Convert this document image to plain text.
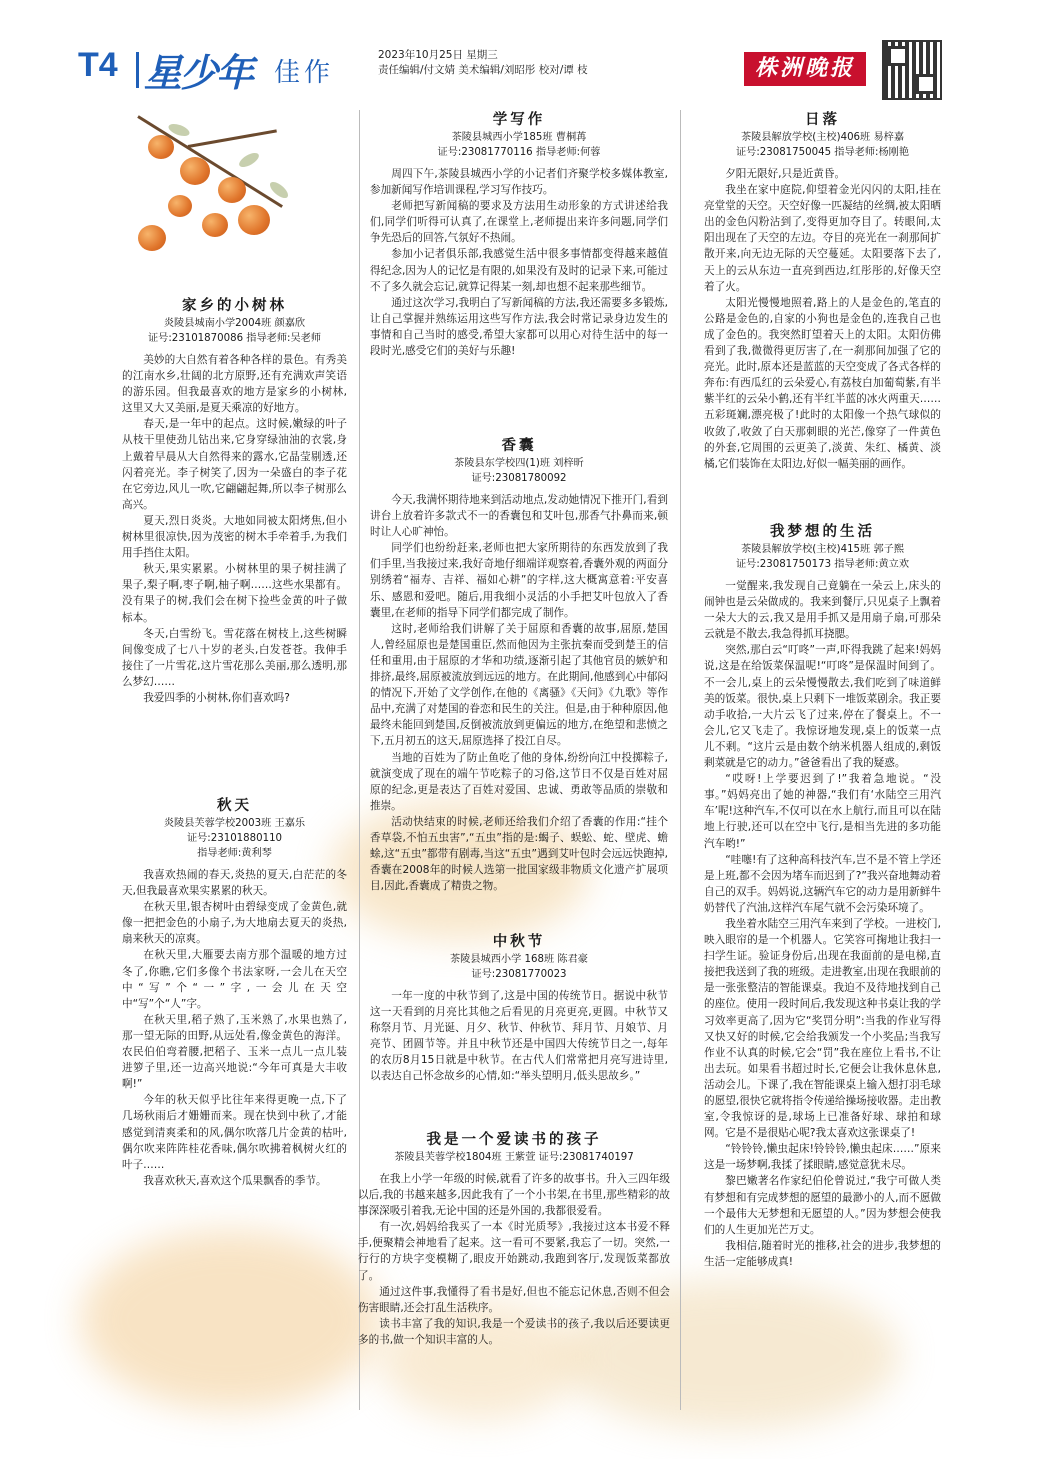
T4 星少年 佳作
2023年10月25日 星期三
责任编辑/付文婧 美术编辑/刘昭彤 校对/谭 枝	株洲晚报
家乡的小树林

炎陵县城南小学2004班 颜嘉欣

证号:23101870086 指导老师:吴老师

美妙的大自然有着各种各样的景色。有秀美的江南水乡,壮阔的北方原野,还有充满欢声笑语的游乐园。但我最喜欢的地方是家乡的小树林,这里又大又美丽,是夏天乘凉的好地方。

春天,是一年中的起点。这时候,嫩绿的叶子从枝干里使劲儿钻出来,它身穿绿油油的衣裳,身上戴着早晨从大自然得来的露水,它晶莹剔透,还闪着亮光。李子树笑了,因为一朵盛白的李子花在它旁边,风儿一吹,它翩翩起舞,所以李子树那么高兴。

夏天,烈日炎炎。大地如同被太阳烤焦,但小树林里很凉快,因为茂密的树木手牵着手,为我们用手挡住太阳。

秋天,果实累累。小树林里的果子树挂满了果子,梨子啊,枣子啊,柚子啊……这些水果都有。没有果子的树,我们会在树下捡些金黄的叶子做标本。

冬天,白雪纷飞。雪花落在树枝上,这些树瞬间像变成了七八十岁的老头,白发苍苍。我伸手接住了一片雪花,这片雪花那么美丽,那么透明,那么梦幻……

我爱四季的小树林,你们喜欢吗?

秋天

炎陵县芙蓉学校2003班 王嘉乐

证号:23101880110

指导老师:黄利琴

我喜欢热闹的春天,炎热的夏天,白茫茫的冬天,但我最喜欢果实累累的秋天。

在秋天里,银杏树叶由碧绿变成了金黄色,就像一把把金色的小扇子,为大地扇去夏天的炎热,扇来秋天的凉爽。

在秋天里,大雁要去南方那个温暖的地方过冬了,你瞧,它们多像个书法家呀,一会儿在天空中“写”个“一”字,一会儿在天空中“写”个“人”字。

在秋天里,稻子熟了,玉米熟了,水果也熟了,那一望无际的田野,从远处看,像金黄色的海洋。农民伯伯弯着腰,把稻子、玉米一点儿一点儿装进箩子里,还一边高兴地说:“今年可真是大丰收啊!”

今年的秋天似乎比往年来得更晚一点,下了几场秋雨后才姗姗而来。现在快到中秋了,才能感觉到清爽柔和的风,偶尔吹落几片金黄的枯叶,偶尔吹来阵阵桂花香味,偶尔吹拂着枫树火红的叶子……

我喜欢秋天,喜欢这个瓜果飘香的季节。

学写作

茶陵县城西小学185班 曹桐苒

证号:23081770116 指导老师:何蓉

周四下午,茶陵县城西小学的小记者们齐聚学校多媒体教室,参加新闻写作培训课程,学习写作技巧。

老师把写新闻稿的要求及方法用生动形象的方式讲述给我们,同学们听得可认真了,在课堂上,老师提出来许多问题,同学们争先恐后的回答,气氛好不热闹。

参加小记者俱乐部,我感觉生活中很多事情都变得越来越值得纪念,因为人的记忆是有限的,如果没有及时的记录下来,可能过不了多久就会忘记,就算记得某一刻,却也想不起来那些细节。

通过这次学习,我明白了写新闻稿的方法,我还需要多多锻炼,让自己掌握并熟练运用这些写作方法,我会时常记录身边发生的事情和自己当时的感受,希望大家都可以用心对待生活中的每一段时光,感受它们的美好与乐趣!

香囊

茶陵县东学校四(1)班 刘梓昕

证号:23081780092

今天,我满怀期待地来到活动地点,发动她情况下推开门,看到讲台上放着许多款式不一的香囊包和艾叶包,那香气扑鼻而来,顿时让人心旷神怡。

同学们也纷纷赶来,老师也把大家所期待的东西发放到了我们手里,当我接过来,我好奇地仔细端详观察着,香囊外观的两面分别绣着“福寿、吉祥、福如心耕”的字样,这大概寓意着:平安喜乐、感恩和爱吧。随后,用我细小灵活的小手把艾叶包放入了香囊里,在老师的指导下同学们都完成了制作。

这时,老师给我们讲解了关于屈原和香囊的故事,屈原,楚国人,曾经屈原也是楚国重臣,然而他因为主张抗秦而受到楚王的信任和重用,由于屈原的才华和功绩,逐渐引起了其他官员的嫉妒和排挤,最终,屈原被流放到远远的地方。在此期间,他感到心中郁闷的情况下,开始了文学创作,在他的《离骚》《天问》《九歌》等作品中,充满了对楚国的眷恋和民生的关注。但是,由于种种原因,他最终未能回到楚国,反倒被流放到更偏远的地方,在绝望和悲愤之下,五月初五的这天,屈原选择了投江自尽。

当地的百姓为了防止鱼吃了他的身体,纷纷向江中投掷粽子,就演变成了现在的端午节吃粽子的习俗,这节日不仅是百姓对屈原的纪念,更是表达了百姓对爱国、忠诚、勇敢等品质的崇敬和推崇。

活动快结束的时候,老师还给我们介绍了香囊的作用:“挂个香草袋,不怕五虫害”,“五虫”指的是:蝎子、蜈蚣、蛇、壁虎、蟾蜍,这“五虫”都带有剧毒,当这“五虫”遇到艾叶包时会远远快跑掉,香囊在2008年的时候人选第一批国家级非物质文化遗产扩展项目,因此,香囊成了精贵之物。

中秋节

茶陵县城西小学 168班 陈君豪

证号:23081770023

一年一度的中秋节到了,这是中国的传统节日。据说中秋节这一天看到的月亮比其他之后看见的月亮更亮,更圆。中秋节又称祭月节、月光诞、月夕、秋节、仲秋节、拜月节、月娘节、月亮节、团圆节等。并且中秋节还是中国四大传统节日之一,每年的农历8月15日就是中秋节。在古代人们常常把月亮写进诗里,以表达自己怀念故乡的心情,如:“举头望明月,低头思故乡。”

我是一个爱读书的孩子

茶陵县芙蓉学校1804班 王紫萱 证号:23081740197

在我上小学一年级的时候,就看了许多的故事书。升入三四年级以后,我的书越来越多,因此我有了一个小书架,在书里,那些精彩的故事深深吸引着我,无论中国的还是外国的,我都很爱看。

有一次,妈妈给我买了一本《时光质琴》,我接过这本书爱不释手,便聚精会神地看了起来。这一看可不要紧,我忘了一切。突然,一行行的方块字变模糊了,眼皮开始跳动,我跑到客厅,发现饭菜都放了。

通过这件事,我懂得了看书是好,但也不能忘记休息,否则不但会伤害眼睛,还会打乱生活秩序。

读书丰富了我的知识,我是一个爱读书的孩子,我以后还要读更多的书,做一个知识丰富的人。

日落

茶陵县解放学校(主校)406班 易梓嘉

证号:23081750045 指导老师:杨刚艳

夕阳无限好,只是近黄昏。

我坐在家中庭院,仰望着金光闪闪的太阳,挂在亮堂堂的天空。天空好像一匹凝结的丝绸,被太阳晒出的金色闪粉沾到了,变得更加夺目了。转眼间,太阳出现在了天空的左边。夺目的亮光在一刹那间扩散开来,向无边无际的天空蔓延。太阳要落下去了,天上的云从东边一直亮到西边,红彤彤的,好像天空着了火。

太阳光慢慢地照着,路上的人是金色的,笔直的公路是金色的,自家的小狗也是金色的,连我自己也成了金色的。我突然盯望着天上的太阳。太阳仿佛看到了我,微微得更厉害了,在一刹那间加强了它的亮光。此时,原本还是蓝蓝的天空变成了各式各样的奔布:有西瓜红的云朵爱心,有荔枝白加葡萄紫,有半紫半红的云朵小鹤,还有半红半蓝的冰火两重天……五彩斑斓,漂亮极了!此时的太阳像一个热气球似的收敛了,收敛了白天那刺眼的光芒,像穿了一件黄色的外套,它周围的云更美了,淡黄、朱红、橘黄、淡橘,它们装饰在太阳边,好似一幅美丽的画作。

我梦想的生活

茶陵县解放学校(主校)415班 郭子熙

证号:23081750173 指导老师:黄立欢

一觉醒来,我发现自己竟躺在一朵云上,床头的闹钟也是云朵做成的。我来到餐厅,只见桌子上飘着一朵大大的云,我又是用手抓又是用扇子扇,可那朵云就是不散去,我急得抓耳挠腮。

突然,那白云“叮咚”一声,吓得我跳了起来!妈妈说,这是在给饭菜保温呢!“叮咚”是保温时间到了。不一会儿,桌上的云朵慢慢散去,我们吃到了味道鲜美的饭菜。很快,桌上只剩下一堆饭菜剧余。我正要动手收拾,一大片云飞了过来,停在了餐桌上。不一会儿,它又飞走了。我惊讶地发现,桌上的饭菜一点儿不剩。“这片云是由数个纳米机器人组成的,剩饭剩菜就是它的动力。”爸爸看出了我的疑惑。

“哎呀!上学要迟到了!”我着急地说。“没事。”妈妈亮出了她的神器,“我们有‘水陆空三用汽车’呢!这种汽车,不仅可以在水上航行,而且可以在陆地上行驶,还可以在空中飞行,是相当先进的多功能汽车哟!”

“哇噻!有了这种高科技汽车,岂不是不管上学还是上班,都不会因为堵车而迟到了?”我兴奋地舞动着自己的双手。妈妈说,这辆汽车它的动力是用新鲜牛奶替代了汽油,这样汽车尾气就不会污染环境了。

我坐着水陆空三用汽车来到了学校。一进校门,映入眼帘的是一个机器人。它笑容可掬地让我扫一扫学生证。验证身份后,出现在我面前的是电梯,直接把我送到了我的班级。走进教室,出现在我眼前的是一张张整洁的智能课桌。我迫不及待地找到自己的座位。使用一段时间后,我发现这种书桌让我的学习效率更高了,因为它“奖罚分明”:当我的作业写得又快又好的时候,它会给我颁发一个小奖品;当我写作业不认真的时候,它会“罚”我在座位上看书,不让出去玩。如果看书超过时长,它便会让我休息休息,活动会儿。下课了,我在智能课桌上输入想打羽毛球的愿望,很快它就将指令传递给操场接收器。走出教室,令我惊讶的是,球场上已准备好球、球拍和球网。它是不是很贴心呢?我太喜欢这张课桌了!

“铃铃铃,懒虫起床!铃铃铃,懒虫起床……”原来这是一场梦啊,我揉了揉眼睛,感觉意犹未尽。

黎巴嫩著名作家纪伯伦曾说过,“我宁可做人类有梦想和有完成梦想的愿望的最渺小的人,而不愿做一个最伟大无梦想和无愿望的人。”因为梦想会使我们的人生更加光芒万丈。

我相信,随着时光的推移,社会的进步,我梦想的生活一定能够成真!
